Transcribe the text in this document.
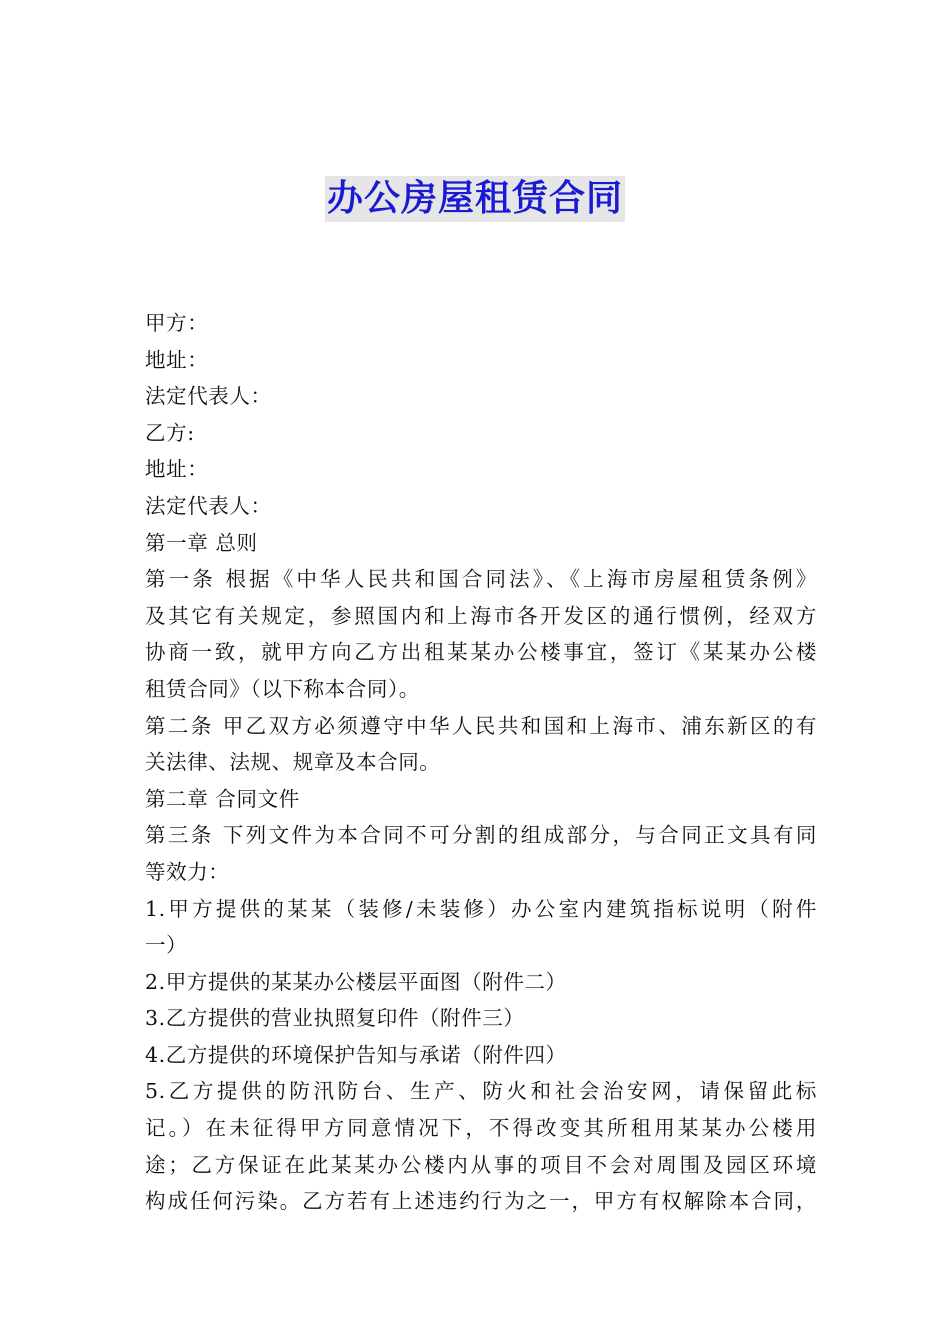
办公房屋租赁合同
甲方：
地址：
法定代表人：
乙方:
地址：
法定代表人：
第一章 总则
第一条 根据《中华人民共和国合同法》、《上海市房屋租赁条例》
及其它有关规定，参照国内和上海市各开发区的通行惯例，经双方
协商一致，就甲方向乙方出租某某办公楼事宜，签订《某某办公楼
租赁合同》（以下称本合同）。
第二条 甲乙双方必须遵守中华人民共和国和上海市、浦东新区的有
关法律、法规、规章及本合同。
第二章 合同文件
第三条 下列文件为本合同不可分割的组成部分，与合同正文具有同
等效力：
1.甲方提供的某某（装修/未装修）办公室内建筑指标说明（附件
一）
2.甲方提供的某某办公楼层平面图（附件二）
3.乙方提供的营业执照复印件（附件三）
4.乙方提供的环境保护告知与承诺（附件四）
5.乙方提供的防汛防台、生产、防火和社会治安网，请保留此标
记。）在未征得甲方同意情况下，不得改变其所租用某某办公楼用
途；乙方保证在此某某办公楼内从事的项目不会对周围及园区环境
构成任何污染。乙方若有上述违约行为之一，甲方有权解除本合同，
